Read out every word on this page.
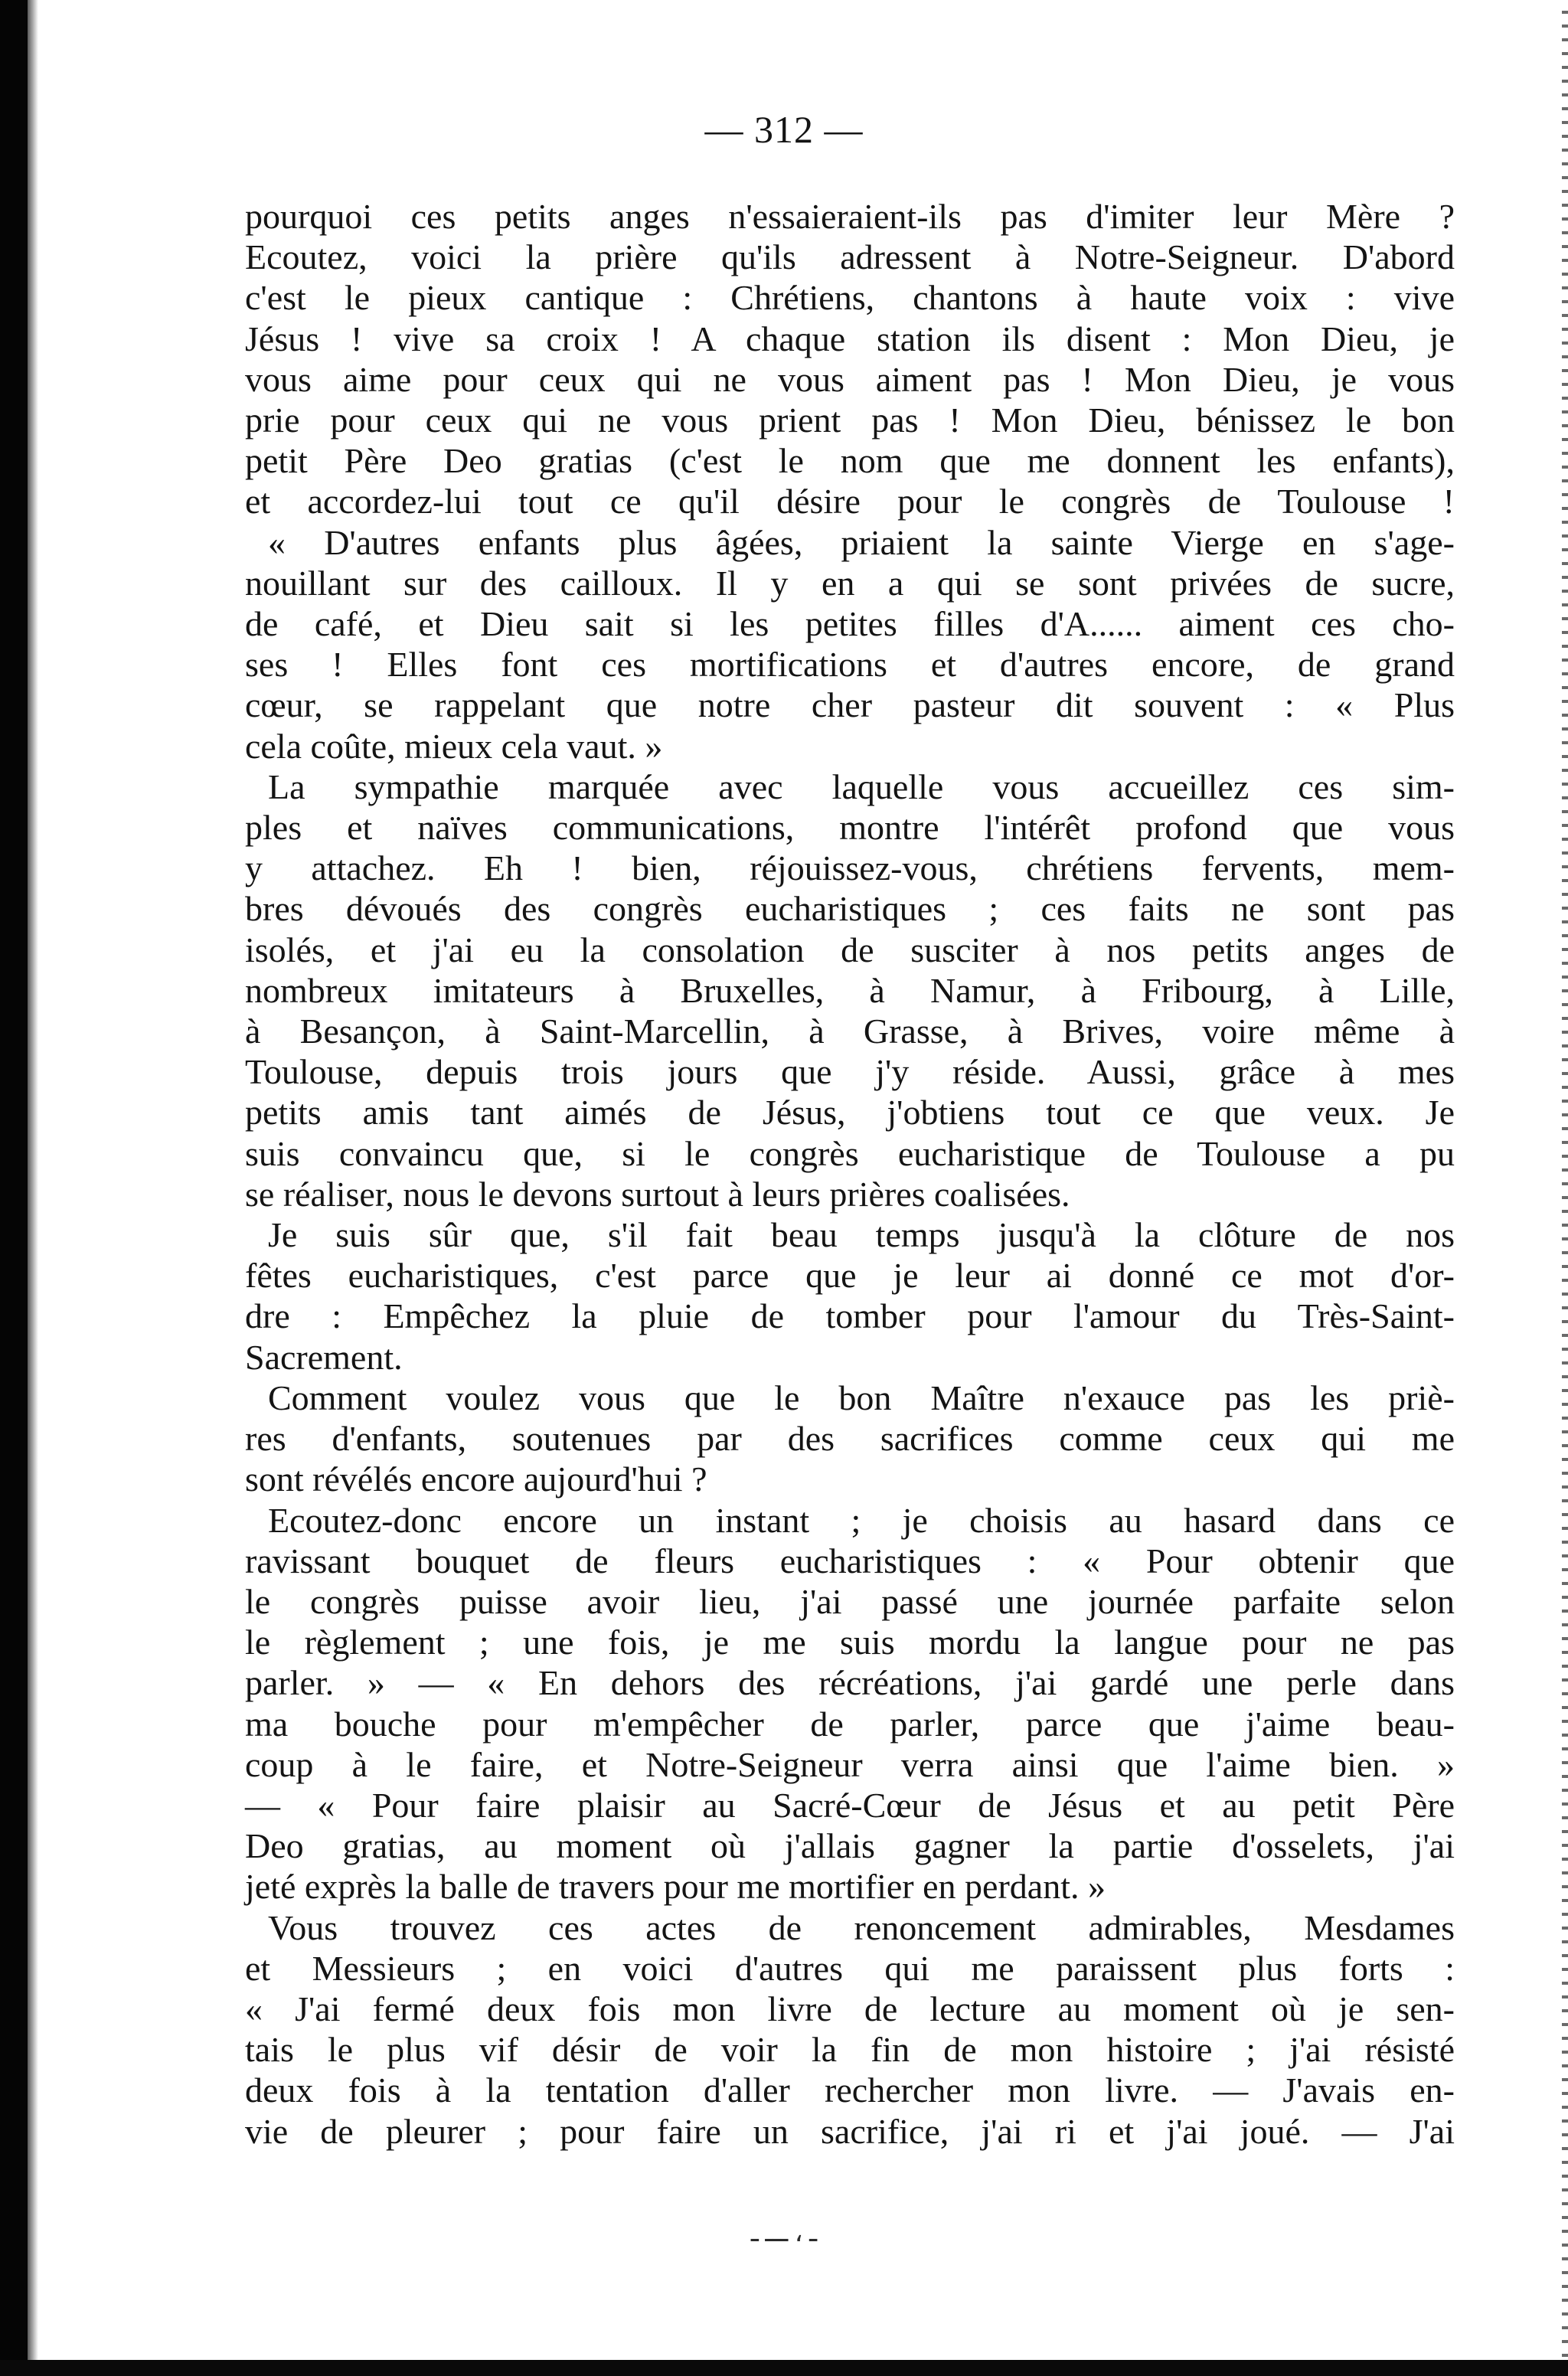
— 312 —
pourquoi ces petits anges n'essaieraient-ils pas d'imiter leur Mère ?
Ecoutez, voici la prière qu'ils adressent à Notre-Seigneur. D'abord
c'est le pieux cantique : Chrétiens, chantons à haute voix : vive
Jésus ! vive sa croix ! A chaque station ils disent : Mon Dieu, je
vous aime pour ceux qui ne vous aiment pas ! Mon Dieu, je vous
prie pour ceux qui ne vous prient pas ! Mon Dieu, bénissez le bon
petit Père Deo gratias (c'est le nom que me donnent les enfants),
et accordez-lui tout ce qu'il désire pour le congrès de Toulouse !
« D'autres enfants plus âgées, priaient la sainte Vierge en s'age-
nouillant sur des cailloux. Il y en a qui se sont privées de sucre,
de café, et Dieu sait si les petites filles d'A...... aiment ces cho-
ses ! Elles font ces mortifications et d'autres encore, de grand
cœur, se rappelant que notre cher pasteur dit souvent : « Plus
cela coûte, mieux cela vaut. »
La sympathie marquée avec laquelle vous accueillez ces sim-
ples et naïves communications, montre l'intérêt profond que vous
y attachez. Eh ! bien, réjouissez-vous, chrétiens fervents, mem-
bres dévoués des congrès eucharistiques ; ces faits ne sont pas
isolés, et j'ai eu la consolation de susciter à nos petits anges de
nombreux imitateurs à Bruxelles, à Namur, à Fribourg, à Lille,
à Besançon, à Saint-Marcellin, à Grasse, à Brives, voire même à
Toulouse, depuis trois jours que j'y réside. Aussi, grâce à mes
petits amis tant aimés de Jésus, j'obtiens tout ce que veux. Je
suis convaincu que, si le congrès eucharistique de Toulouse a pu
se réaliser, nous le devons surtout à leurs prières coalisées.
Je suis sûr que, s'il fait beau temps jusqu'à la clôture de nos
fêtes eucharistiques, c'est parce que je leur ai donné ce mot d'or-
dre : Empêchez la pluie de tomber pour l'amour du Très-Saint-
Sacrement.
Comment voulez vous que le bon Maître n'exauce pas les priè-
res d'enfants, soutenues par des sacrifices comme ceux qui me
sont révélés encore aujourd'hui ?
Ecoutez-donc encore un instant ; je choisis au hasard dans ce
ravissant bouquet de fleurs eucharistiques : « Pour obtenir que
le congrès puisse avoir lieu, j'ai passé une journée parfaite selon
le règlement ; une fois, je me suis mordu la langue pour ne pas
parler. » — « En dehors des récréations, j'ai gardé une perle dans
ma bouche pour m'empêcher de parler, parce que j'aime beau-
coup à le faire, et Notre-Seigneur verra ainsi que l'aime bien. »
— « Pour faire plaisir au Sacré-Cœur de Jésus et au petit Père
Deo gratias, au moment où j'allais gagner la partie d'osselets, j'ai
jeté exprès la balle de travers pour me mortifier en perdant. »
Vous trouvez ces actes de renoncement admirables, Mesdames
et Messieurs ; en voici d'autres qui me paraissent plus forts :
« J'ai fermé deux fois mon livre de lecture au moment où je sen-
tais le plus vif désir de voir la fin de mon histoire ; j'ai résisté
deux fois à la tentation d'aller rechercher mon livre. — J'avais en-
vie de pleurer ; pour faire un sacrifice, j'ai ri et j'ai joué. — J'ai
ـ ، ـــ ـ
